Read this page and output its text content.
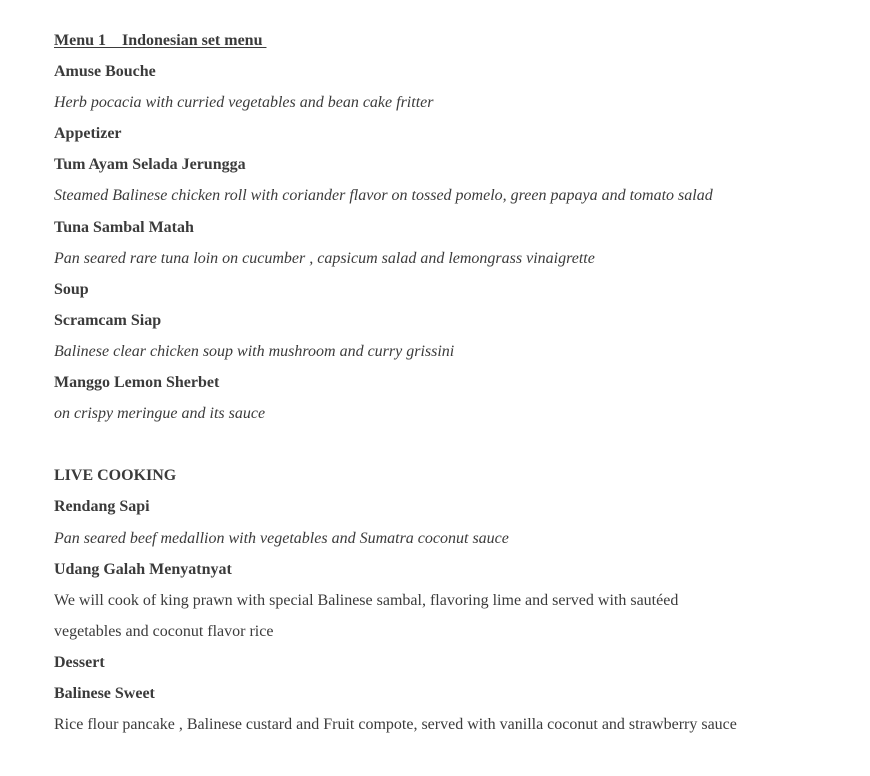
Menu 1    Indonesian set menu
Amuse Bouche
Herb pocacia with curried vegetables and bean cake fritter
Appetizer
Tum Ayam Selada Jerungga
Steamed Balinese chicken roll with coriander flavor on tossed pomelo, green papaya and tomato salad
Tuna Sambal Matah
Pan seared rare tuna loin on cucumber , capsicum salad and lemongrass vinaigrette
Soup
Scramcam Siap
Balinese clear chicken soup with mushroom and curry grissini
Manggo Lemon Sherbet
on crispy meringue and its sauce
LIVE COOKING
Rendang Sapi
Pan seared beef medallion with vegetables and Sumatra coconut sauce
Udang Galah Menyatnyat
We will cook of king prawn with special Balinese sambal, flavoring lime and served with sautéed
vegetables and coconut flavor rice
Dessert
Balinese Sweet
Rice flour pancake , Balinese custard and Fruit compote, served with vanilla coconut and strawberry sauce
